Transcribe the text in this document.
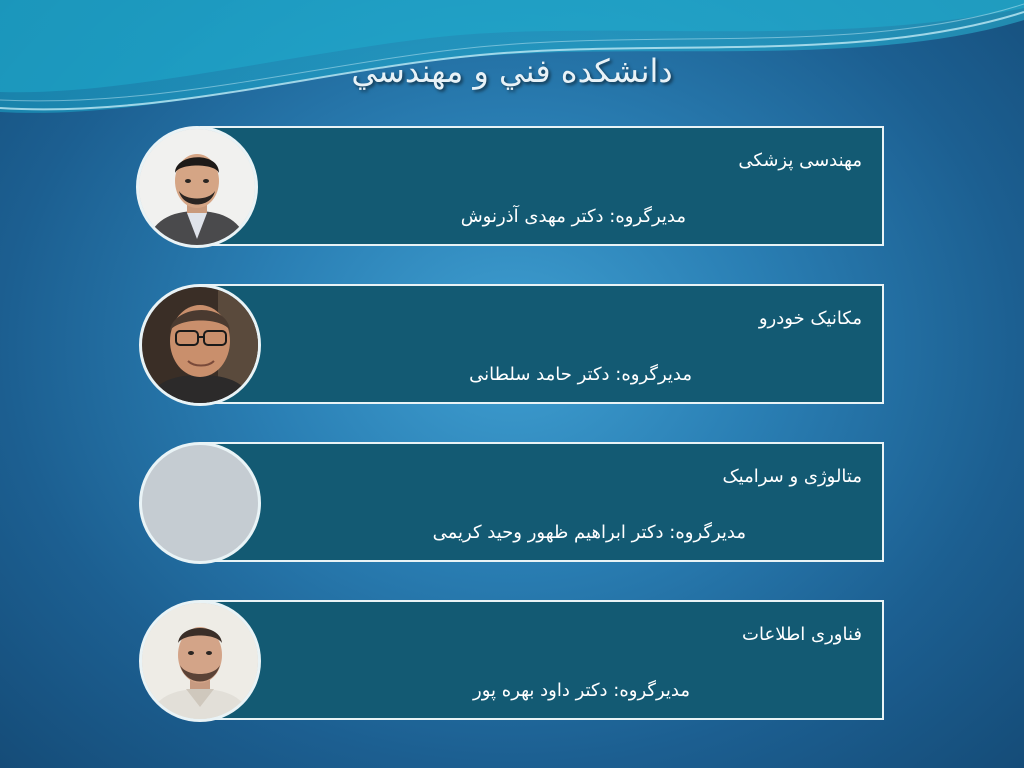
دانشکده فني و مهندسي
مهندسی پزشکی
مدیرگروه: دکتر مهدی آذرنوش
مکانیک خودرو
مدیرگروه: دکتر حامد سلطانی
متالوژی و سرامیک
مدیرگروه: دکتر ابراهیم ظهور وحید کریمی
فناوری اطلاعات
مدیرگروه: دکتر داود بهره پور
